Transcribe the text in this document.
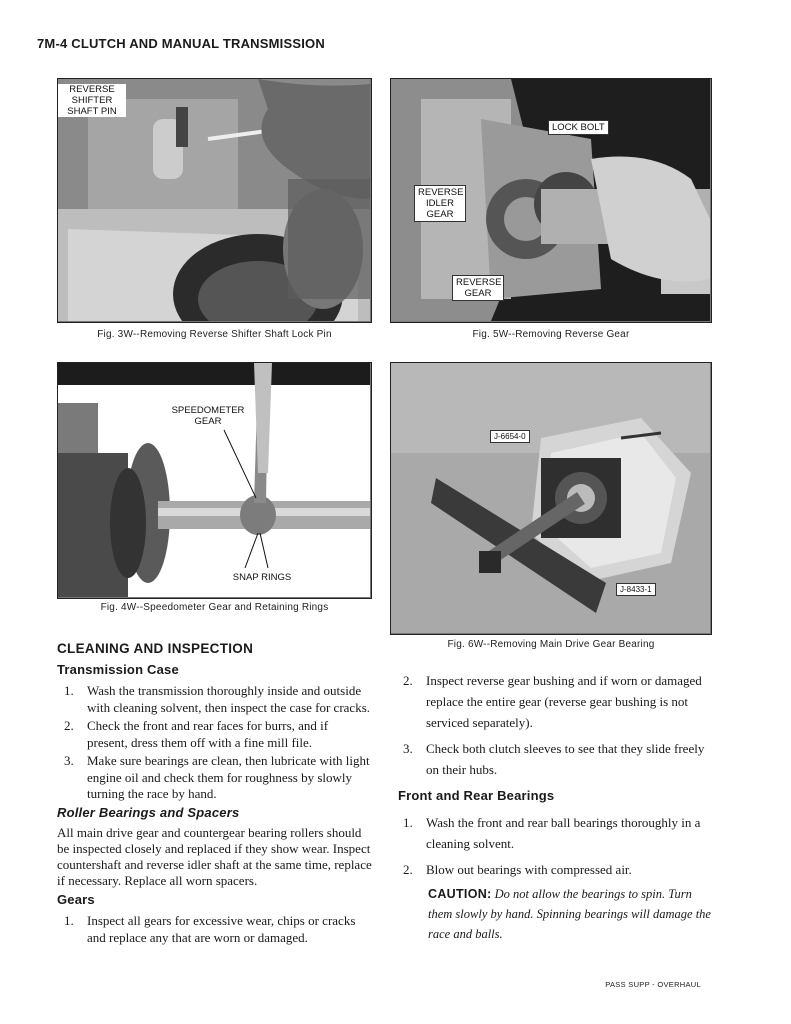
7M-4 CLUTCH AND MANUAL TRANSMISSION
REVERSE SHIFTER SHAFT PIN
Fig. 3W--Removing Reverse Shifter Shaft Lock Pin
LOCK BOLT
REVERSE IDLER GEAR
REVERSE GEAR
Fig. 5W--Removing Reverse Gear
SPEEDOMETER GEAR
SNAP RINGS
Fig. 4W--Speedometer Gear and Retaining Rings
J-6654-0
J-8433-1
Fig. 6W--Removing Main Drive Gear Bearing
CLEANING AND INSPECTION
Transmission Case
1.	Wash the transmission thoroughly inside and outside with cleaning solvent, then inspect the case for cracks.
2.	Check the front and rear faces for burrs, and if present, dress them off with a fine mill file.
3.	Make sure bearings are clean, then lubricate with light engine oil and check them for roughness by slowly turning the race by hand.
Roller Bearings and Spacers
All main drive gear and countergear bearing rollers should be inspected closely and replaced if they show wear. Inspect countershaft and reverse idler shaft at the same time, replace if necessary. Replace all worn spacers.
Gears
1.	Inspect all gears for excessive wear, chips or cracks and replace any that are worn or damaged.
2.	Inspect reverse gear bushing and if worn or damaged replace the entire gear (reverse gear bushing is not serviced separately).
3.	Check both clutch sleeves to see that they slide freely on their hubs.
Front and Rear Bearings
1.	Wash the front and rear ball bearings thoroughly in a cleaning solvent.
2.	Blow out bearings with compressed air.
CAUTION: Do not allow the bearings to spin. Turn them slowly by hand. Spinning bearings will damage the race and balls.
PASS SUPP - OVERHAUL
